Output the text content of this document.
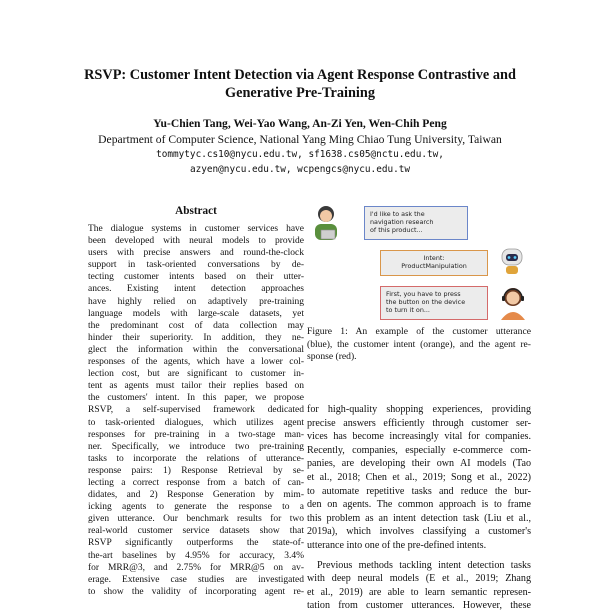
RSVP: Customer Intent Detection via Agent Response Contrastive and
Generative Pre-Training
Yu-Chien Tang, Wei-Yao Wang, An-Zi Yen, Wen-Chih Peng
Department of Computer Science, National Yang Ming Chiao Tung University, Taiwan
tommytyc.cs10@nycu.edu.tw, sf1638.cs05@nctu.edu.tw,
azyen@nycu.edu.tw, wcpengcs@nycu.edu.tw
Abstract
The dialogue systems in customer services have
been developed with neural models to provide
users with precise answers and round-the-clock
support in task-oriented conversations by de-
tecting customer intents based on their utter-
ances. Existing intent detection approaches
have highly relied on adaptively pre-training
language models with large-scale datasets, yet
the predominant cost of data collection may
hinder their superiority. In addition, they ne-
glect the information within the conversational
responses of the agents, which have a lower col-
lection cost, but are significant to customer in-
tent as agents must tailor their replies based on
the customers' intent. In this paper, we propose
RSVP, a self-supervised framework dedicated
to task-oriented dialogues, which utilizes agent
responses for pre-training in a two-stage man-
ner. Specifically, we introduce two pre-training
tasks to incorporate the relations of utterance-
response pairs: 1) Response Retrieval by se-
lecting a correct response from a batch of can-
didates, and 2) Response Generation by mim-
icking agents to generate the response to a
given utterance. Our benchmark results for two
real-world customer service datasets show that
RSVP significantly outperforms the state-of-
the-art baselines by 4.95% for accuracy, 3.4%
for MRR@3, and 2.75% for MRR@5 on av-
erage. Extensive case studies are investigated
to show the validity of incorporating agent re-
I'd like to ask the
navigation research
of this product...
Intent:
ProductManipulation
First, you have to press
the button on the device
to turn it on...
Figure 1: An example of the customer utterance
(blue), the customer intent (orange), and the agent re-
sponse (red).
for high-quality shopping experiences, providing
precise answers efficiently through customer ser-
vices has become increasingly vital for companies.
Recently, companies, especially e-commerce com-
panies, are developing their own AI models (Tao
et al., 2018; Chen et al., 2019; Song et al., 2022)
to automate repetitive tasks and reduce the bur-
den on agents. The common approach is to frame
this problem as an intent detection task (Liu et al.,
2019a), which involves classifying a customer's
utterance into one of the pre-defined intents.
Previous methods tackling intent detection tasks
with deep neural models (E et al., 2019; Zhang
et al., 2019) are able to learn semantic represen-
tation from customer utterances. However, these
